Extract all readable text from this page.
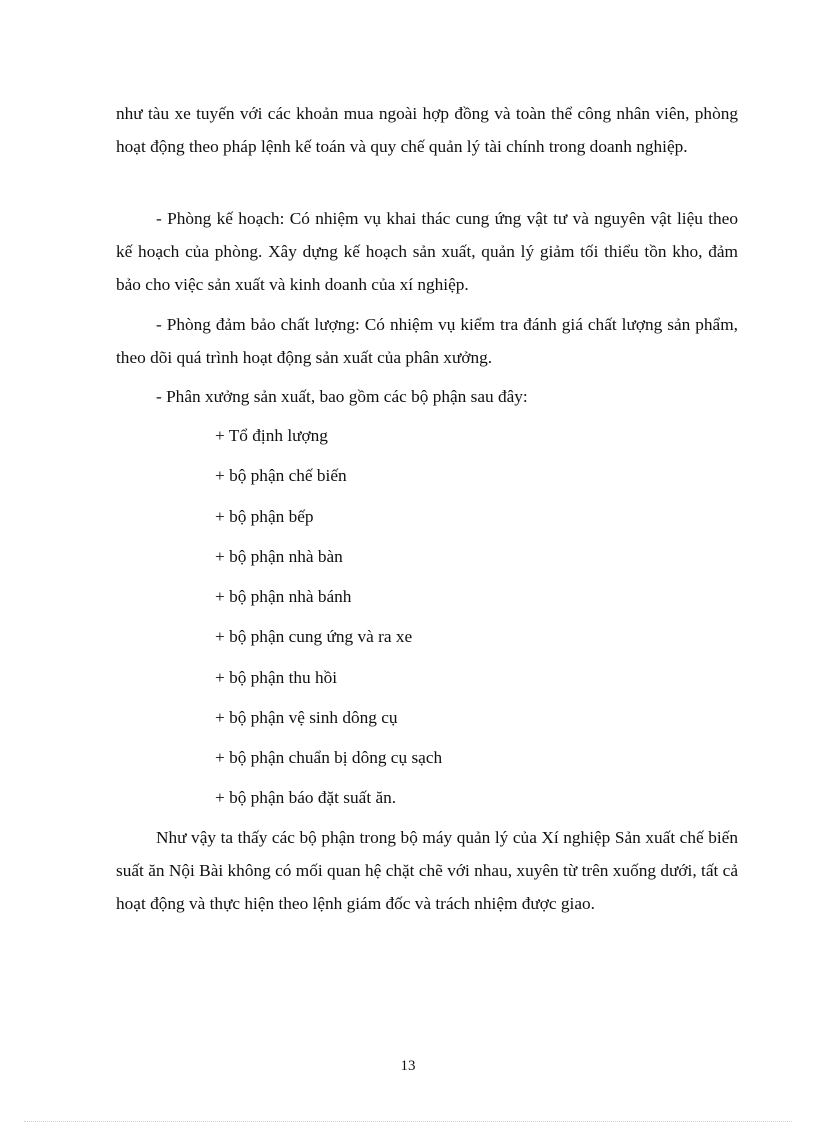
như tàu xe tuyến với các khoản mua ngoài hợp đồng và toàn thể công nhân viên, phòng hoạt động theo pháp lệnh kế toán và quy chế quản lý tài chính trong doanh nghiệp.

- Phòng kế hoạch: Có nhiệm vụ khai thác cung ứng vật tư và nguyên vật liệu theo kế hoạch của phòng. Xây dựng kế hoạch sản xuất, quản lý giảm tối thiểu tồn kho, đảm bảo cho việc sản xuất và kinh doanh của xí nghiệp.

- Phòng đảm bảo chất lượng: Có nhiệm vụ kiểm tra đánh giá chất lượng sản phẩm, theo dõi quá trình hoạt động sản xuất của phân xưởng.

- Phân xưởng sản xuất, bao gồm các bộ phận sau đây:

+ Tổ định lượng

+ bộ phận chế biến

+ bộ phận bếp

+ bộ phận nhà bàn

+ bộ phận nhà bánh

+ bộ phận cung ứng và ra xe

+ bộ phận thu hồi

+ bộ phận vệ sinh dông cụ

+ bộ phận chuẩn bị dông cụ sạch

+ bộ phận báo đặt suất ăn.

Như vậy ta thấy các bộ phận trong bộ máy quản lý của Xí nghiệp Sản xuất chế biến suất ăn Nội Bài không có mối quan hệ chặt chẽ với nhau, xuyên từ trên xuống dưới, tất cả hoạt động và thực hiện theo lệnh giám đốc và trách nhiệm được giao.

13
